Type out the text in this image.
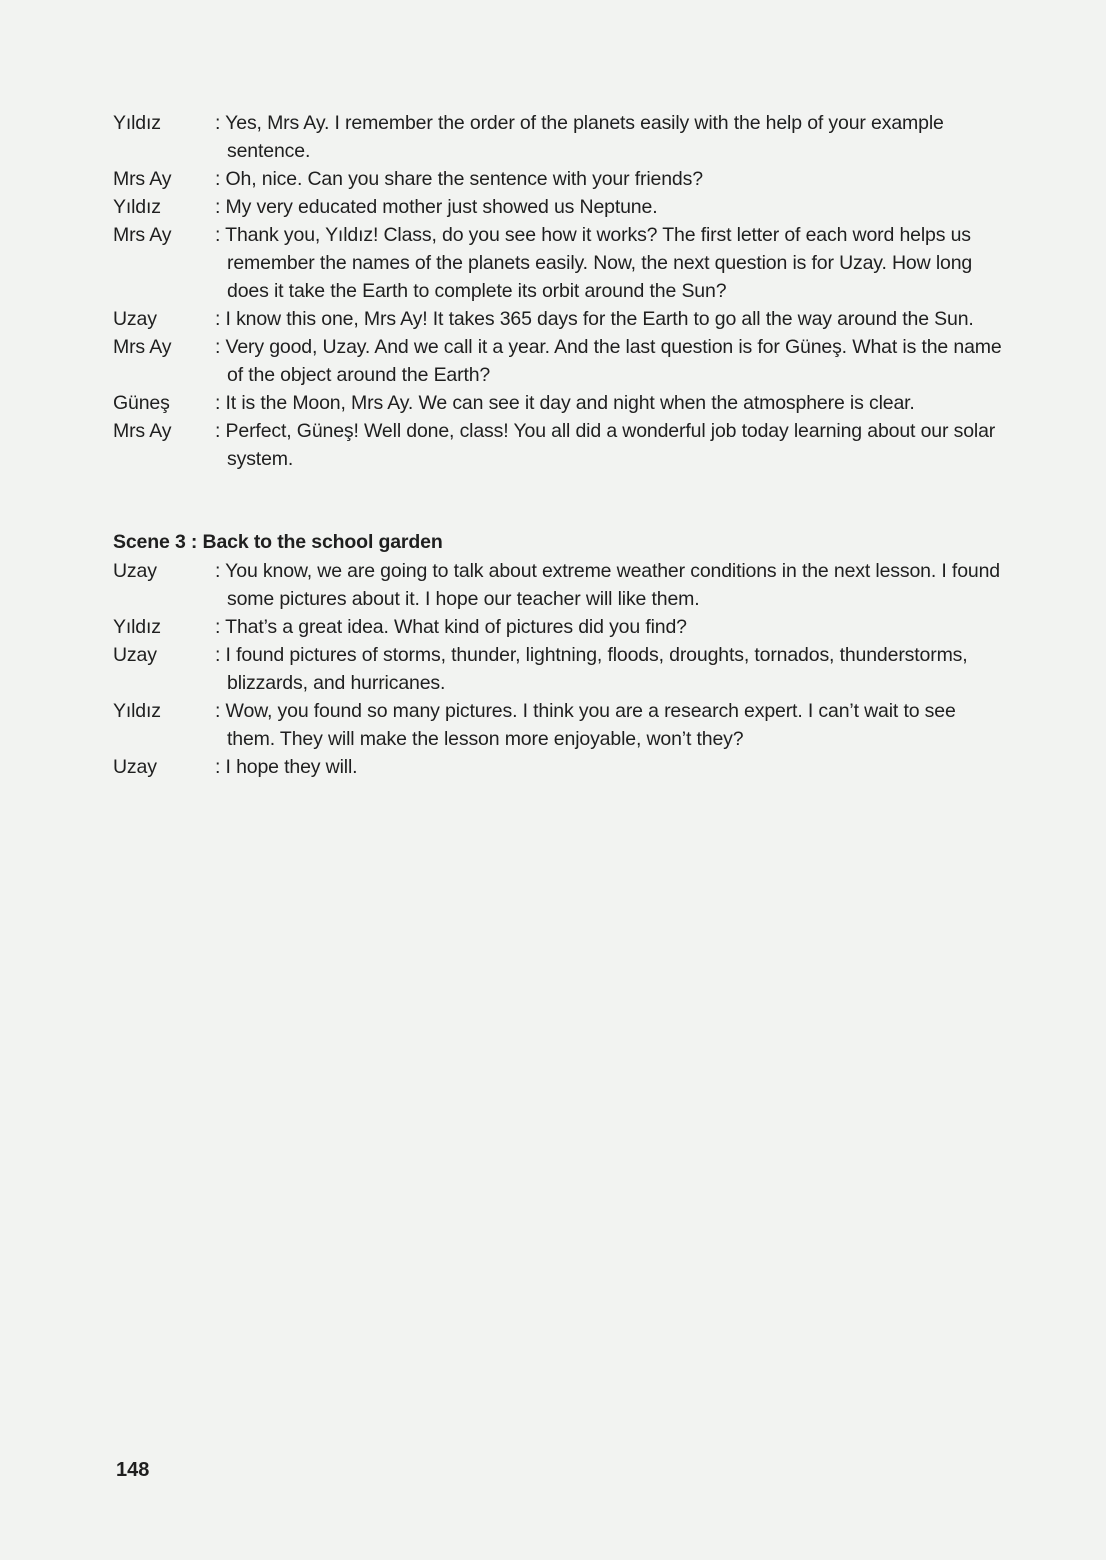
Yıldız	: Yes, Mrs Ay. I remember the order of the planets easily with the help of your example sentence.
Mrs Ay	: Oh, nice. Can you share the sentence with your friends?
Yıldız	: My very educated mother just showed us Neptune.
Mrs Ay	: Thank you, Yıldız! Class, do you see how it works? The first letter of each word helps us remember the names of the planets easily. Now, the next question is for Uzay. How long does it take the Earth to complete its orbit around the Sun?
Uzay	: I know this one, Mrs Ay! It takes 365 days for the Earth to go all the way around the Sun.
Mrs Ay	: Very good, Uzay. And we call it a year. And the last question is for Güneş. What is the name of the object around the Earth?
Güneş	: It is the Moon, Mrs Ay. We can see it day and night when the atmosphere is clear.
Mrs Ay	: Perfect, Güneş! Well done, class! You all did a wonderful job today learning about our solar system.
Scene 3 : Back to the school garden
Uzay	: You know, we are going to talk about extreme weather conditions in the next lesson. I found some pictures about it. I hope our teacher will like them.
Yıldız	: That’s a great idea. What kind of pictures did you find?
Uzay	: I found pictures of storms, thunder, lightning, floods, droughts, tornados, thunderstorms, blizzards, and hurricanes.
Yıldız	: Wow, you found so many pictures. I think you are a research expert. I can’t wait to see them. They will make the lesson more enjoyable, won’t they?
Uzay	: I hope they will.
148
